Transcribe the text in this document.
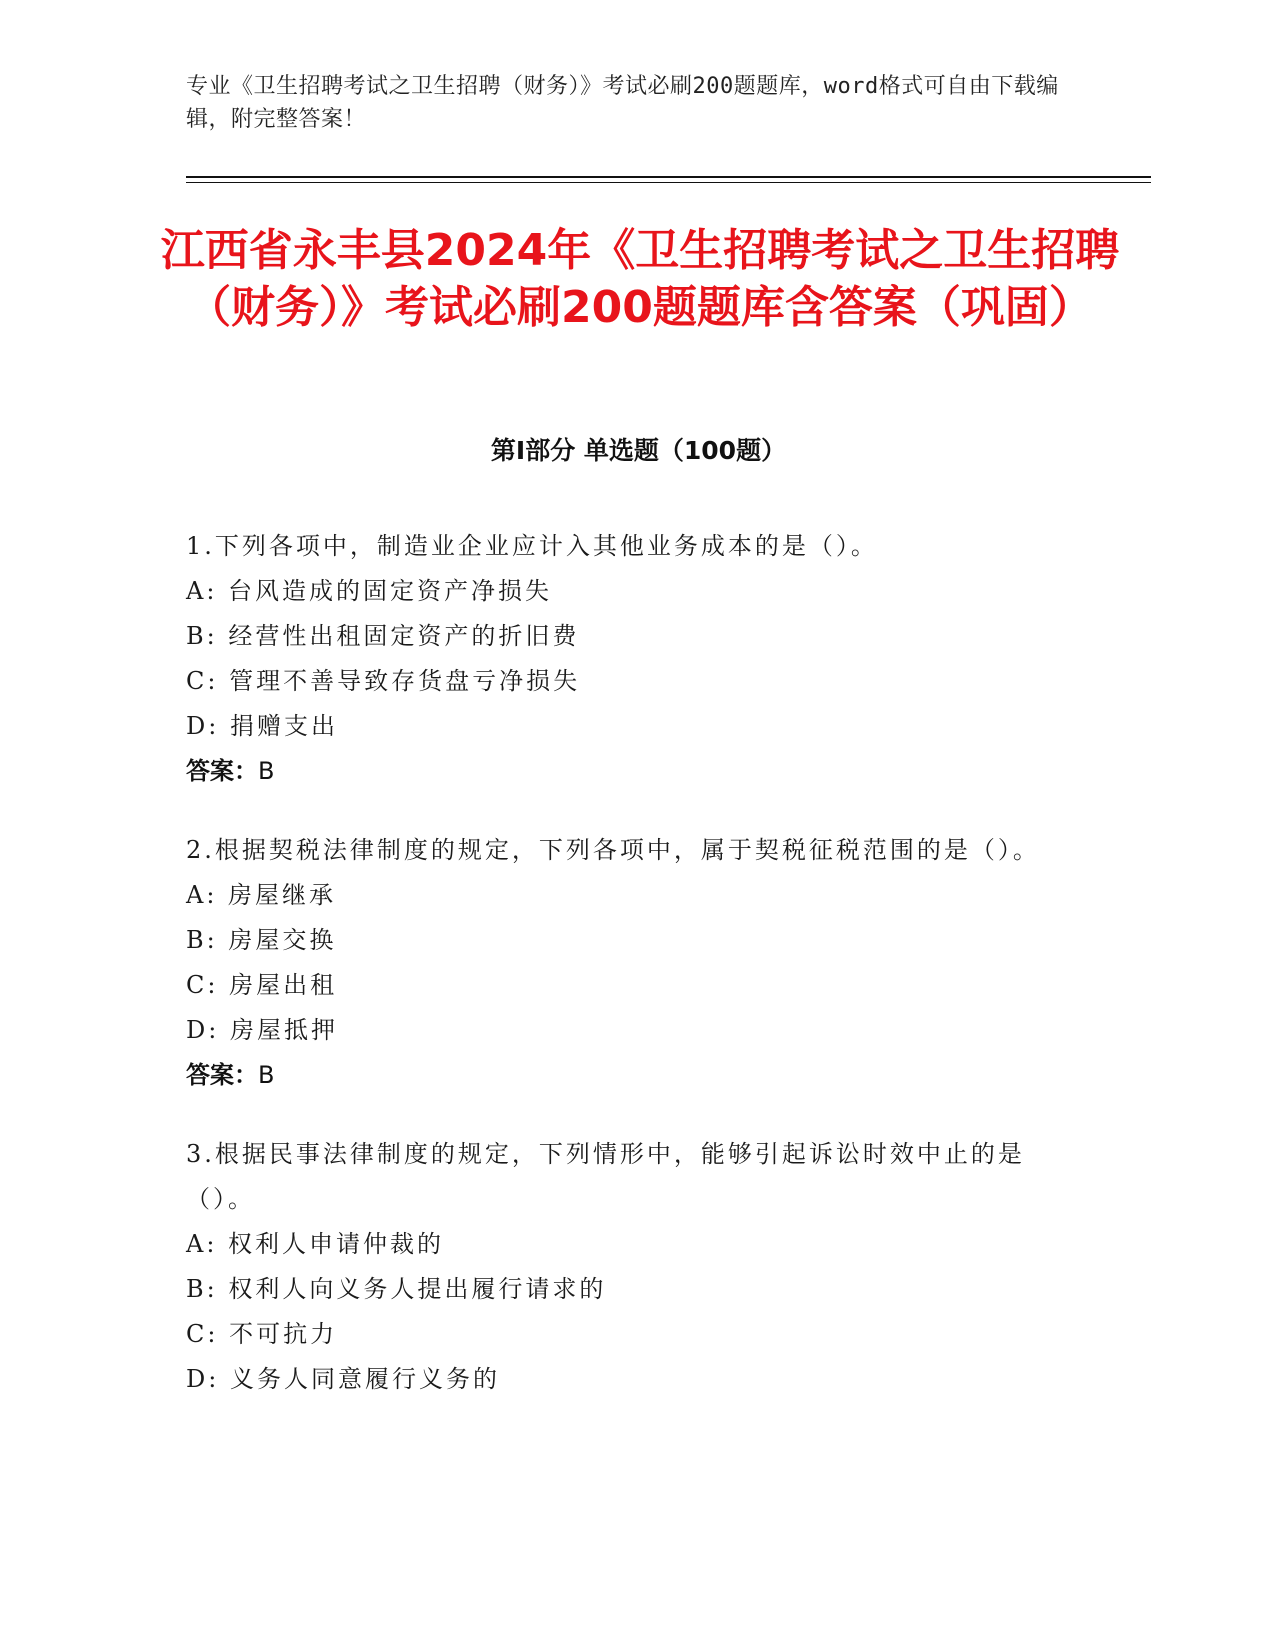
专业《卫生招聘考试之卫生招聘（财务）》考试必刷200题题库，word格式可自由下载编辑，附完整答案！
江西省永丰县2024年《卫生招聘考试之卫生招聘（财务）》考试必刷200题题库含答案（巩固）
第I部分 单选题（100题）
1.下列各项中，制造业企业应计入其他业务成本的是（）。
A: 台风造成的固定资产净损失
B: 经营性出租固定资产的折旧费
C: 管理不善导致存货盘亏净损失
D: 捐赠支出
答案：B
2.根据契税法律制度的规定，下列各项中，属于契税征税范围的是（）。
A: 房屋继承
B: 房屋交换
C: 房屋出租
D: 房屋抵押
答案：B
3.根据民事法律制度的规定，下列情形中，能够引起诉讼时效中止的是（）。
A: 权利人申请仲裁的
B: 权利人向义务人提出履行请求的
C: 不可抗力
D: 义务人同意履行义务的
